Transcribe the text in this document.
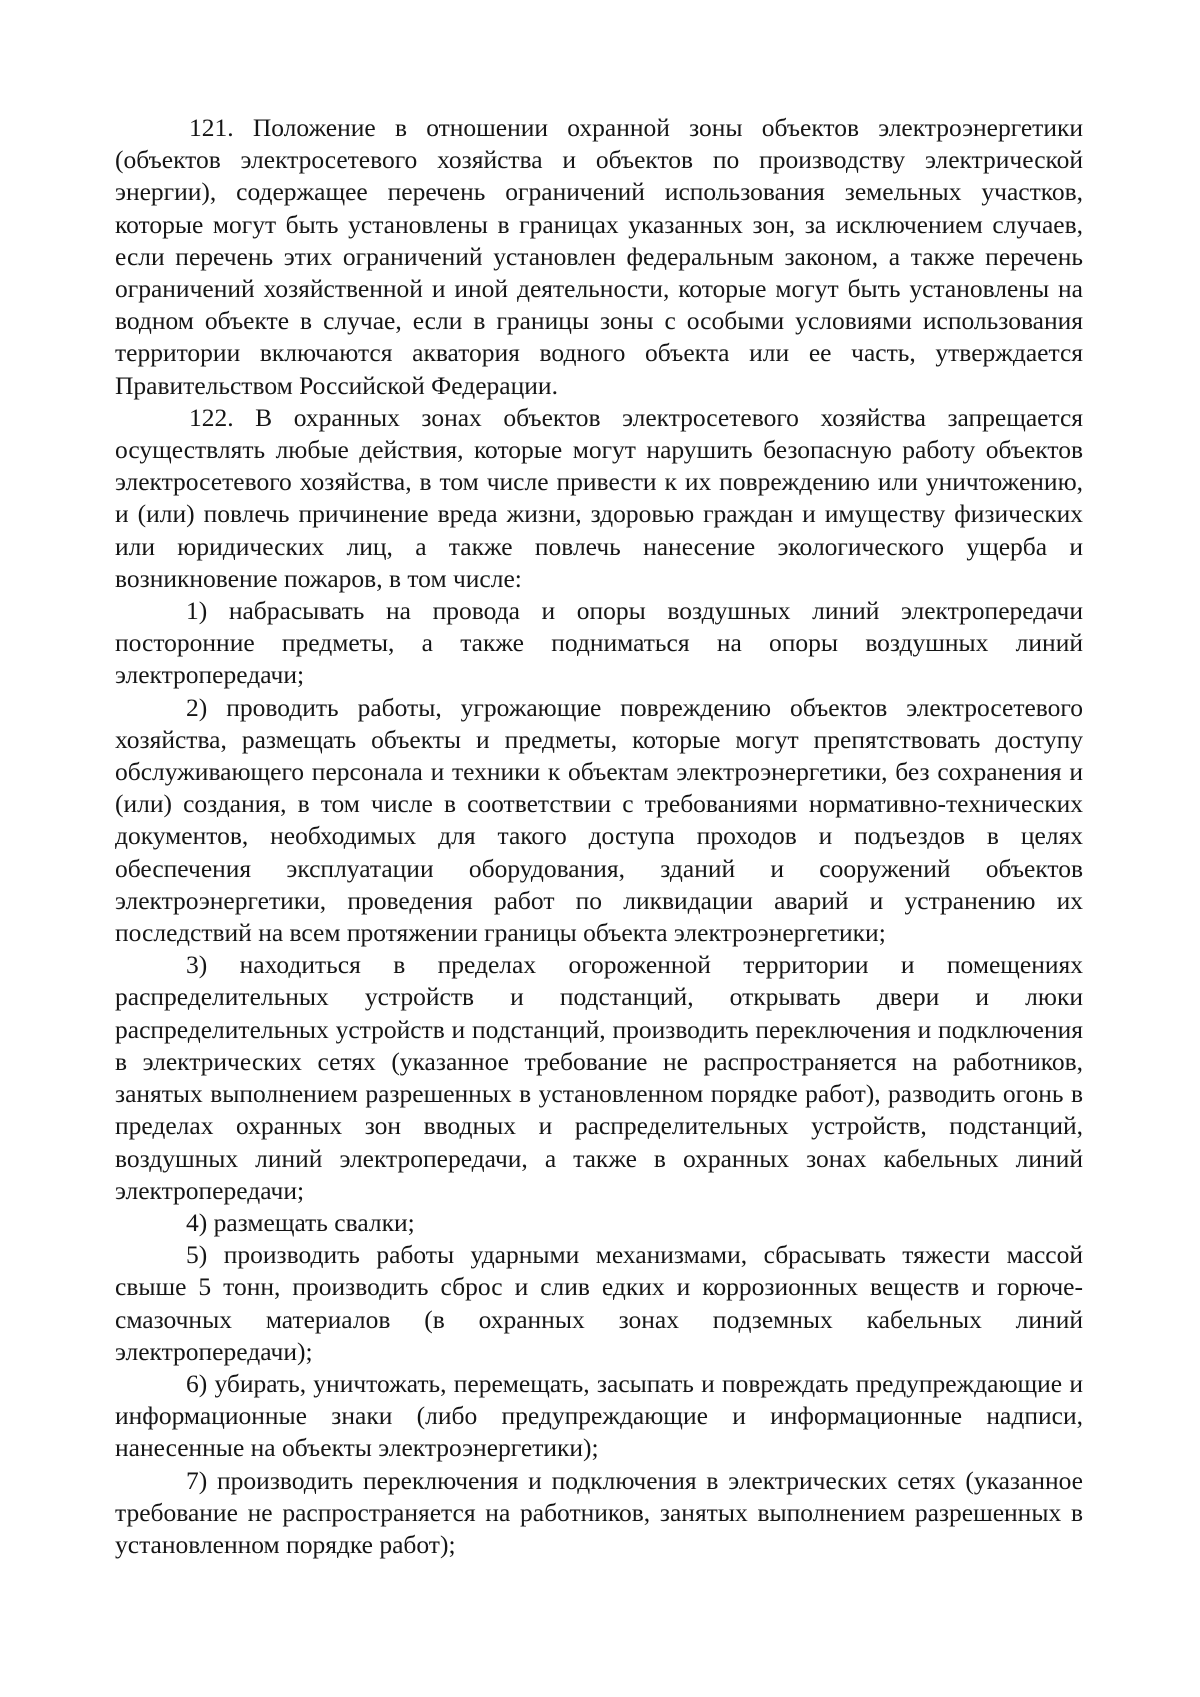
121. Положение в отношении охранной зоны объектов электроэнергетики (объектов электросетевого хозяйства и объектов по производству электрической энергии), содержащее перечень ограничений использования земельных участков, которые могут быть установлены в границах указанных зон, за исключением случаев, если перечень этих ограничений установлен федеральным законом, а также перечень ограничений хозяйственной и иной деятельности, которые могут быть установлены на водном объекте в случае, если в границы зоны с особыми условиями использования территории включаются акватория водного объекта или ее часть, утверждается Правительством Российской Федерации.

122. В охранных зонах объектов электросетевого хозяйства запрещается осуществлять любые действия, которые могут нарушить безопасную работу объектов электросетевого хозяйства, в том числе привести к их повреждению или уничтожению, и (или) повлечь причинение вреда жизни, здоровью граждан и имуществу физических или юридических лиц, а также повлечь нанесение экологического ущерба и возникновение пожаров, в том числе:

1) набрасывать на провода и опоры воздушных линий электропередачи посторонние предметы, а также подниматься на опоры воздушных линий электропередачи;

2) проводить работы, угрожающие повреждению объектов электросетевого хозяйства, размещать объекты и предметы, которые могут препятствовать доступу обслуживающего персонала и техники к объектам электроэнергетики, без сохранения и (или) создания, в том числе в соответствии с требованиями нормативно-технических документов, необходимых для такого доступа проходов и подъездов в целях обеспечения эксплуатации оборудования, зданий и сооружений объектов электроэнергетики, проведения работ по ликвидации аварий и устранению их последствий на всем протяжении границы объекта электроэнергетики;

3) находиться в пределах огороженной территории и помещениях распределительных устройств и подстанций, открывать двери и люки распределительных устройств и подстанций, производить переключения и подключения в электрических сетях (указанное требование не распространяется на работников, занятых выполнением разрешенных в установленном порядке работ), разводить огонь в пределах охранных зон вводных и распределительных устройств, подстанций, воздушных линий электропередачи, а также в охранных зонах кабельных линий электропередачи;

4) размещать свалки;

5) производить работы ударными механизмами, сбрасывать тяжести массой свыше 5 тонн, производить сброс и слив едких и коррозионных веществ и горюче-смазочных материалов (в охранных зонах подземных кабельных линий электропередачи);

6) убирать, уничтожать, перемещать, засыпать и повреждать предупреждающие и информационные знаки (либо предупреждающие и информационные надписи, нанесенные на объекты электроэнергетики);

7) производить переключения и подключения в электрических сетях (указанное требование не распространяется на работников, занятых выполнением разрешенных в установленном порядке работ);
